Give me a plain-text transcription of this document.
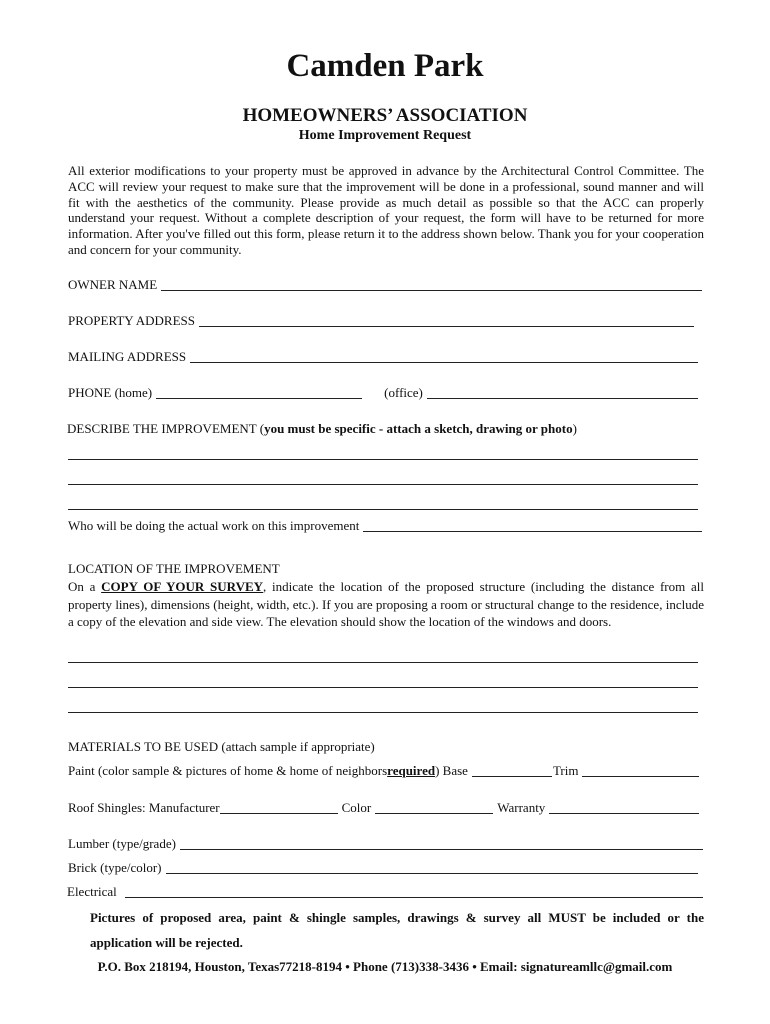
Camden Park
HOMEOWNERS’ ASSOCIATION
Home Improvement Request
All exterior modifications to your property must be approved in advance by the Architectural Control Committee. The ACC will review your request to make sure that the improvement will be done in a professional, sound manner and will fit with the aesthetics of the community. Please provide as much detail as possible so that the ACC can properly understand your request. Without a complete description of your request, the form will have to be returned for more information. After you've filled out this form, please return it to the address shown below. Thank you for your cooperation and concern for your community.
OWNER NAME
PROPERTY ADDRESS
MAILING ADDRESS
PHONE (home)	(office)
DESCRIBE THE IMPROVEMENT ( you must be specific - attach a sketch, drawing or photo )
Who will be doing the actual work on this improvement
LOCATION OF THE IMPROVEMENT
On a COPY OF YOUR SURVEY, indicate the location of the proposed structure (including the distance from all property lines), dimensions (height, width, etc.). If you are proposing a room or structural change to the residence, include a copy of the elevation and side view. The elevation should show the location of the windows and doors.
MATERIALS TO BE USED (attach sample if appropriate)
Paint (color sample & pictures of home & home of neighbors required ) Base	Trim
Roof Shingles: Manufacturer	Color	Warranty
Lumber (type/grade)
Brick (type/color)
Electrical
Pictures of proposed area, paint & shingle samples, drawings & survey all MUST be included or the application will be rejected.
P.O. Box 218194, Houston, Texas77218-8194 • Phone (713)338-3436 • Email: signatureamllc@gmail.com
